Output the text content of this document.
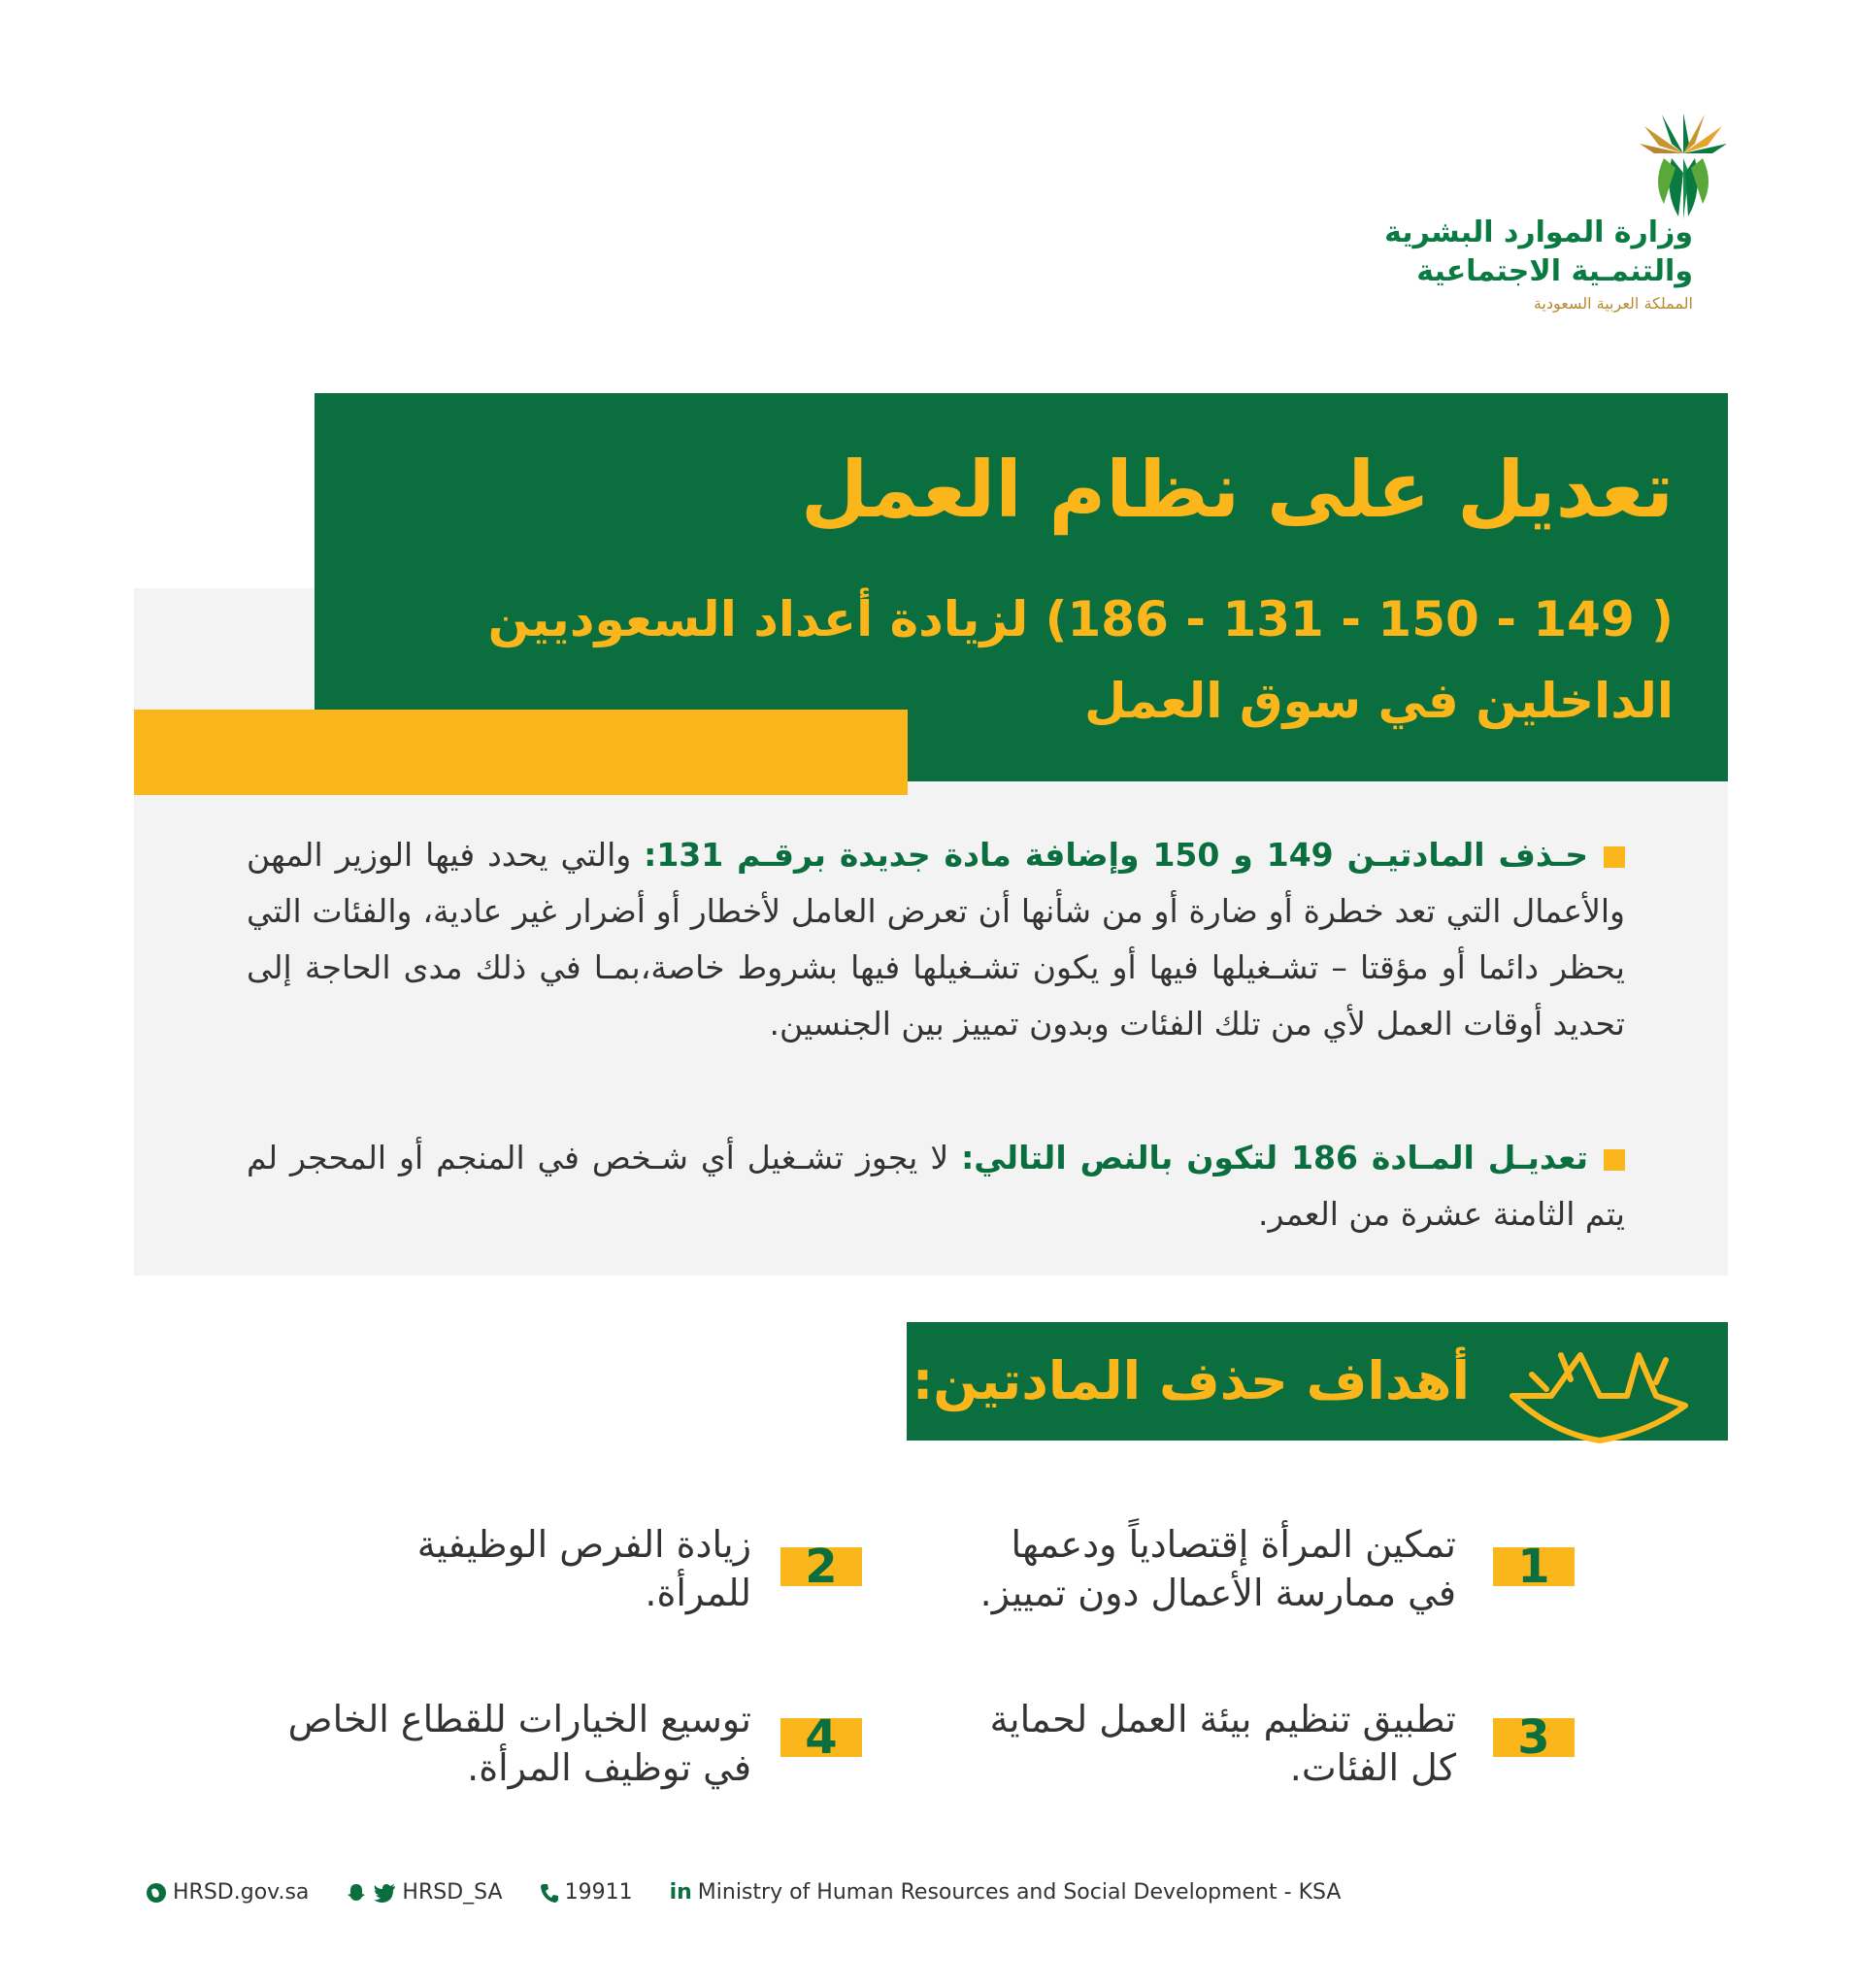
وزارة الموارد البشرية
والتنمـية الاجتماعية
المملكة العربية السعودية
تعديل على نظام العمل
( 149 - 150 - 131 - 186) لزيادة أعداد السعوديين الداخلين في سوق العمل
حـذف المادتيـن 149 و 150 وإضافة مادة جديدة برقـم 131: والتي يحدد فيها الوزير المهن والأعمال التي تعد خطرة أو ضارة أو من شأنها أن تعرض العامل لأخطار أو أضرار غير عادية، والفئات التي يحظر دائما أو مؤقتا – تشـغيلها فيها أو يكون تشـغيلها فيها بشروط خاصة،بمـا في ذلك مدى الحاجة إلى تحديد أوقات العمل لأي من تلك الفئات وبدون تمييز بين الجنسين.
تعديـل المـادة 186 لتكون بالنص التالي: لا يجوز تشـغيل أي شـخص في المنجم أو المحجر لم يتم الثامنة عشرة من العمر.
أهداف حذف المادتين:
1
تمكين المرأة إقتصادياً ودعمها في ممارسة الأعمال دون تمييز.
2
زيادة الفرص الوظيفية للمرأة.
3
تطبيق تنظيم بيئة العمل لحماية كل الفئات.
4
توسيع الخيارات للقطاع الخاص في توظيف المرأة.
HRSD.gov.sa	HRSD_SA	19911 in Ministry of Human Resources and Social Development - KSA
